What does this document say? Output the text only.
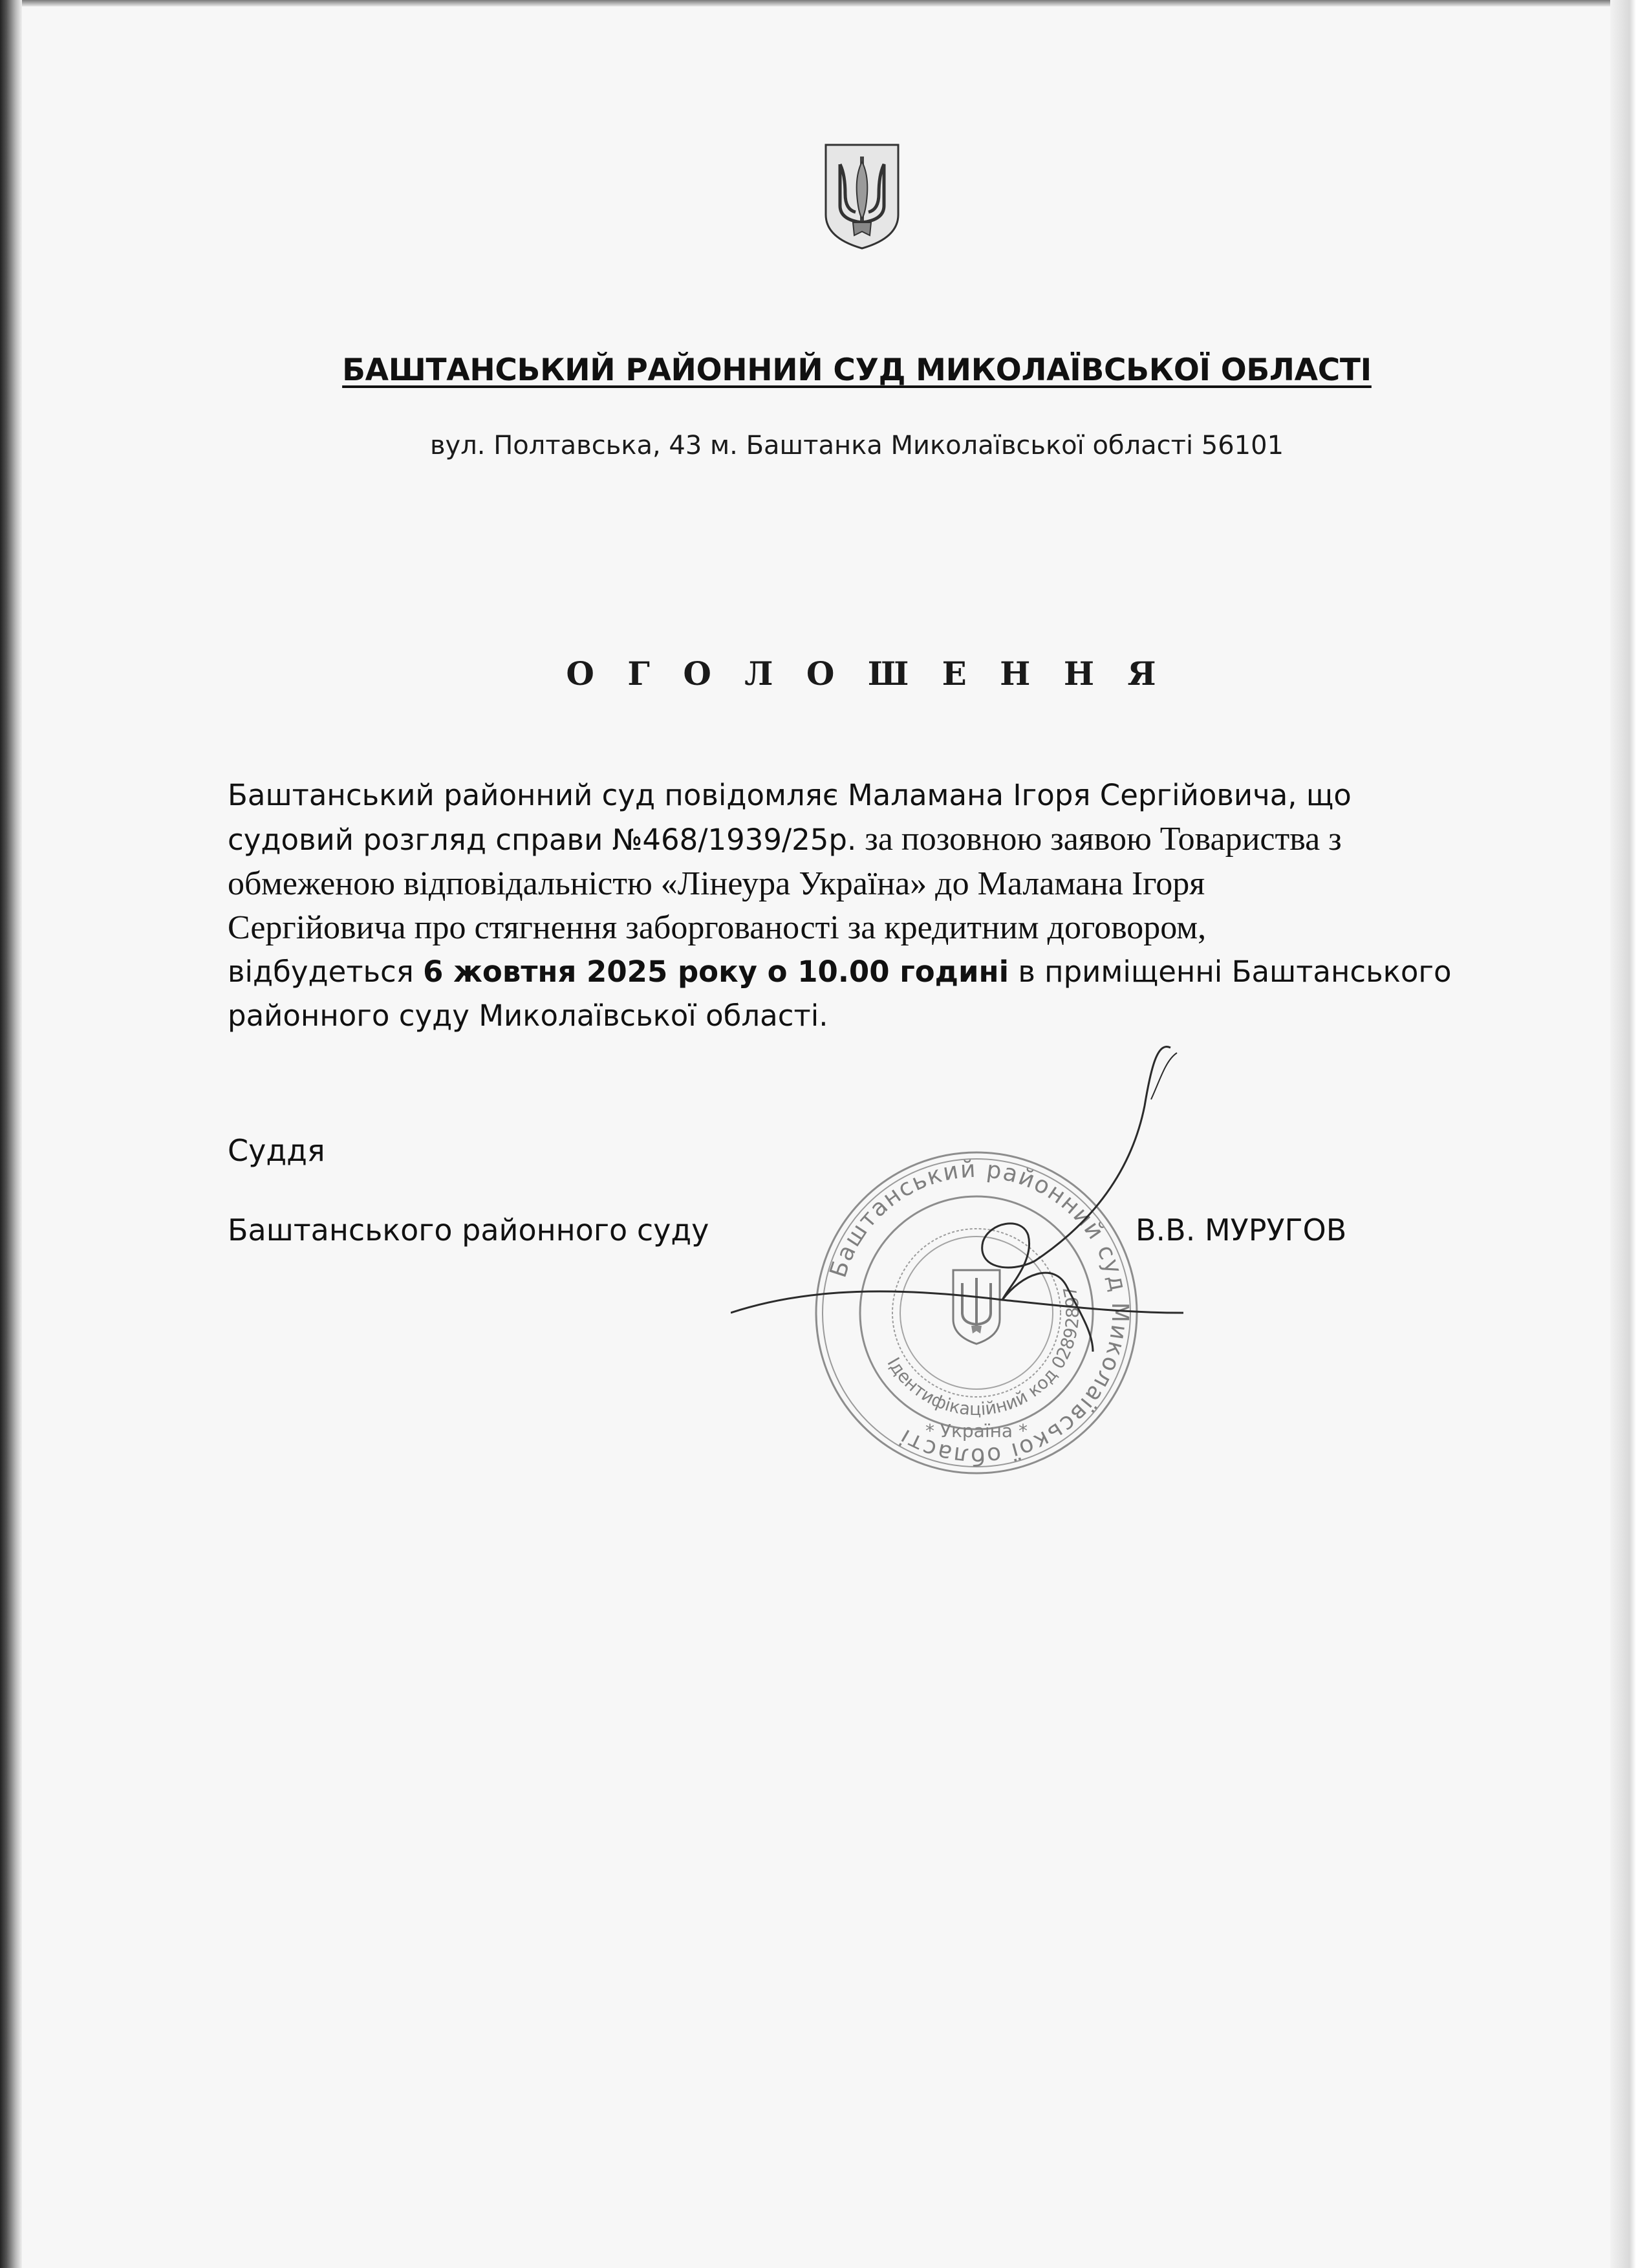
БАШТАНСЬКИЙ РАЙОННИЙ СУД МИКОЛАЇВСЬКОЇ ОБЛАСТІ
вул. Полтавська, 43 м. Баштанка Миколаївської області 56101
О Г О Л О Ш Е Н Н Я
Баштанський районний суд повідомляє Маламана Ігоря Сергійовича, що
судовий розгляд справи №468/1939/25р. за позовною заявою Товариства з
обмеженою відповідальністю «Лінеура Україна» до Маламана Ігоря
Сергійовича про стягнення заборгованості за кредитним договором,
відбудеться 6 жовтня 2025 року о 10.00 годині в приміщенні Баштанського
районного суду Миколаївської області.
Суддя
Баштанського районного суду	В.В. МУРУГОВ
Баштанський районний суд Миколаївської області
Ідентифікаційний код 02892897
* Україна *
